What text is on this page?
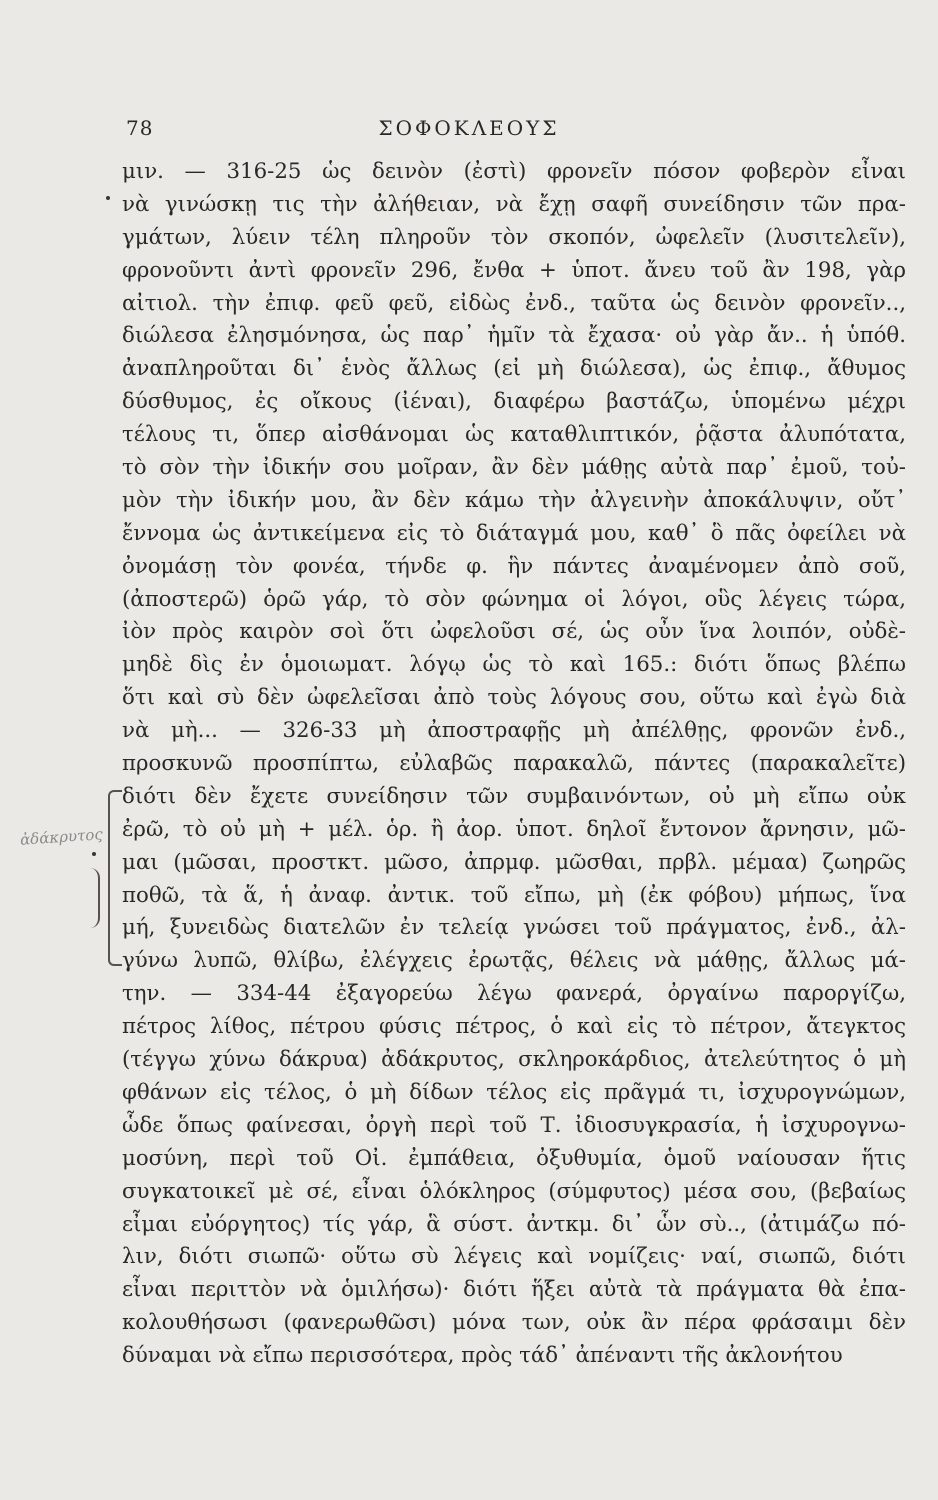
78	ΣΟΦΟΚΛΕΟΥΣ
ἀδάκρυτος
μιν. — 316-25 ὡς δεινὸν (ἐστὶ) φρονεῖν πόσον φοβερὸν εἶναι
νὰ γινώσκῃ τις τὴν ἀλήθειαν, νὰ ἔχῃ σαφῆ συνείδησιν τῶν πρα-
γμάτων, λύειν τέλη πληροῦν τὸν σκοπόν, ὠφελεῖν (λυσιτελεῖν),
φρονοῦντι ἀντὶ φρονεῖν 296, ἔνθα + ὑποτ. ἄνευ τοῦ ἂν 198, γὰρ
αἰτιολ. τὴν ἐπιφ. φεῦ φεῦ, εἰδὼς ἐνδ., ταῦτα ὡς δεινὸν φρονεῖν..,
διώλεσα ἐλησμόνησα, ὡς παρ᾽ ἡμῖν τὰ ἔχασα· οὐ γὰρ ἄν.. ἡ ὑπόθ.
ἀναπληροῦται δι᾽ ἑνὸς ἄλλως (εἰ μὴ διώλεσα), ὡς ἐπιφ., ἄθυμος
δύσθυμος, ἐς οἴκους (ἰέναι), διαφέρω βαστάζω, ὑπομένω μέχρι
τέλους τι, ὅπερ αἰσθάνομαι ὡς καταθλιπτικόν, ῥᾷστα ἀλυπότατα,
τὸ σὸν τὴν ἰδικήν σου μοῖραν, ἂν δὲν μάθῃς αὐτὰ παρ᾽ ἐμοῦ, τοὐ-
μὸν τὴν ἰδικήν μου, ἂν δὲν κάμω τὴν ἀλγεινὴν ἀποκάλυψιν, οὔτ᾽
ἔννομα ὡς ἀντικείμενα εἰς τὸ διάταγμά μου, καθ᾽ ὃ πᾶς ὀφείλει νὰ
ὀνομάσῃ τὸν φονέα, τήνδε φ. ἣν πάντες ἀναμένομεν ἀπὸ σοῦ,
(ἀποστερῶ) ὁρῶ γάρ, τὸ σὸν φώνημα οἱ λόγοι, οὓς λέγεις τώρα,
ἰὸν πρὸς καιρὸν σοὶ ὅτι ὠφελοῦσι σέ, ὡς οὖν ἵνα λοιπόν, οὐδὲ-
μηδὲ δὶς ἐν ὁμοιωματ. λόγῳ ὡς τὸ καὶ 165.: διότι ὅπως βλέπω
ὅτι καὶ σὺ δὲν ὠφελεῖσαι ἀπὸ τοὺς λόγους σου, οὕτω καὶ ἐγὼ διὰ
νὰ μὴ... — 326-33 μὴ ἀποστραφῇς μὴ ἀπέλθῃς, φρονῶν ἐνδ.,
προσκυνῶ προσπίπτω, εὐλαβῶς παρακαλῶ, πάντες (παρακαλεῖτε)
διότι δὲν ἔχετε συνείδησιν τῶν συμβαινόντων, οὐ μὴ εἴπω οὐκ
ἐρῶ, τὸ οὐ μὴ + μέλ. ὁρ. ἢ ἀορ. ὑποτ. δηλοῖ ἔντονον ἄρνησιν, μῶ-
μαι (μῶσαι, προστκτ. μῶσο, ἀπρμφ. μῶσθαι, πρβλ. μέμαα) ζωηρῶς
ποθῶ, τὰ ἅ, ἡ ἀναφ. ἀντικ. τοῦ εἴπω, μὴ (ἐκ φόβου) μήπως, ἵνα
μή, ξυνειδὼς διατελῶν ἐν τελείᾳ γνώσει τοῦ πράγματος, ἐνδ., ἀλ-
γύνω λυπῶ, θλίβω, ἐλέγχεις ἐρωτᾷς, θέλεις νὰ μάθῃς, ἄλλως μά-
την. — 334-44 ἐξαγορεύω λέγω φανερά, ὀργαίνω παροργίζω,
πέτρος λίθος, πέτρου φύσις πέτρος, ὁ καὶ εἰς τὸ πέτρον, ἄτεγκτος
(τέγγω χύνω δάκρυα) ἀδάκρυτος, σκληροκάρδιος, ἀτελεύτητος ὁ μὴ
φθάνων εἰς τέλος, ὁ μὴ δίδων τέλος εἰς πρᾶγμά τι, ἰσχυρογνώμων,
ὧδε ὅπως φαίνεσαι, ὀργὴ περὶ τοῦ Τ. ἰδιοσυγκρασία, ἡ ἰσχυρογνω-
μοσύνη, περὶ τοῦ Οἰ. ἐμπάθεια, ὀξυθυμία, ὁμοῦ ναίουσαν ἥτις
συγκατοικεῖ μὲ σέ, εἶναι ὁλόκληρος (σύμφυτος) μέσα σου, (βεβαίως
εἶμαι εὐόργητος) τίς γάρ, ἃ σύστ. ἀντκμ. δι᾽ ὧν σὺ.., (ἀτιμάζω πό-
λιν, διότι σιωπῶ· οὕτω σὺ λέγεις καὶ νομίζεις· ναί, σιωπῶ, διότι
εἶναι περιττὸν νὰ ὁμιλήσω)· διότι ἥξει αὐτὰ τὰ πράγματα θὰ ἐπα-
κολουθήσωσι (φανερωθῶσι) μόνα των, οὐκ ἂν πέρα φράσαιμι δὲν
δύναμαι νὰ εἴπω περισσότερα, πρὸς τάδ᾽ ἀπέναντι τῆς ἀκλονήτου
